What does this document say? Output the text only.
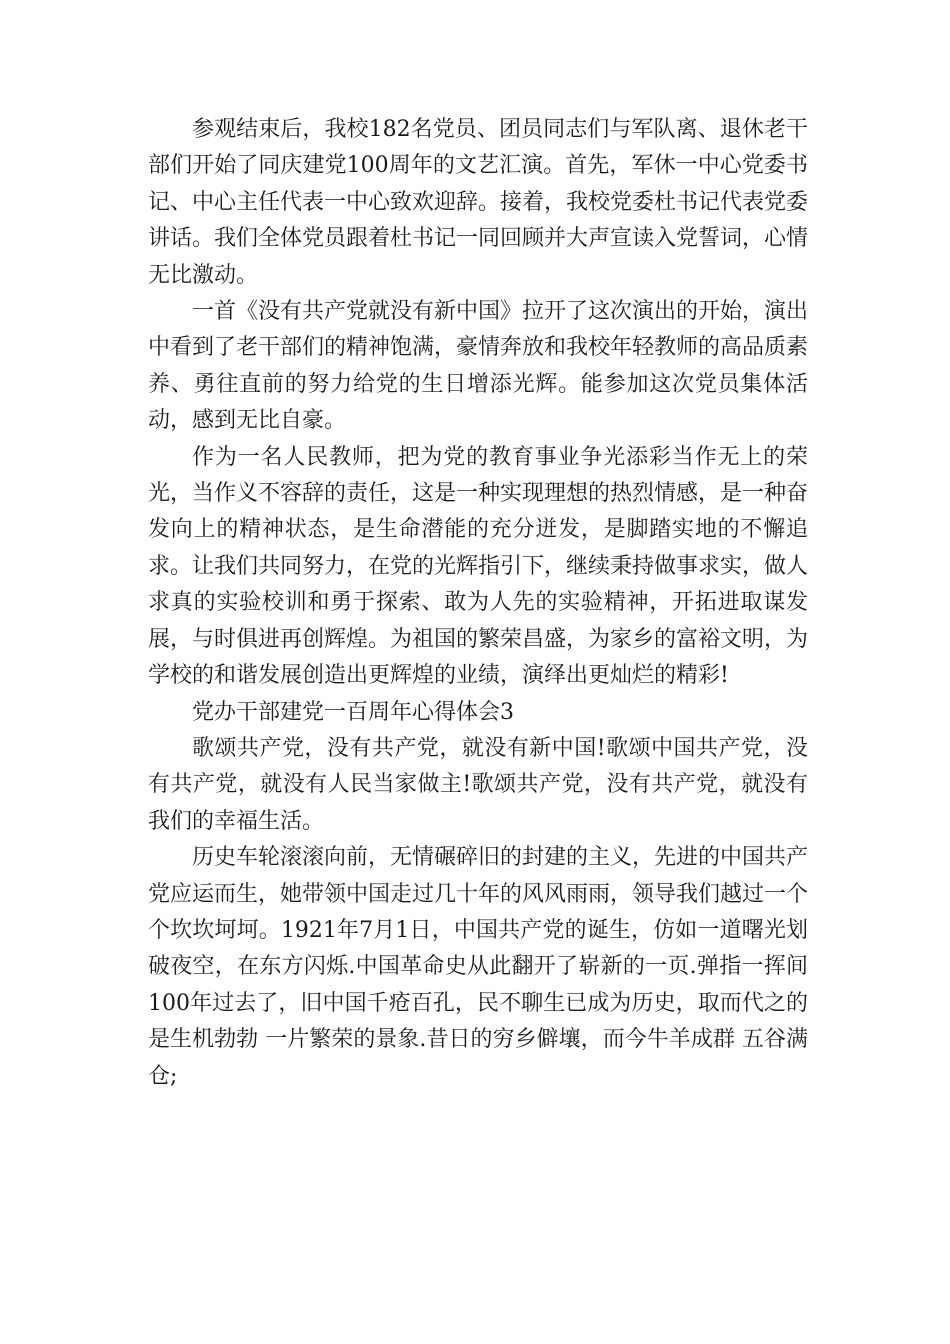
参观结束后，我校182名党员、团员同志们与军队离、退休老干部们开始了同庆建党100周年的文艺汇演。首先，军休一中心党委书记、中心主任代表一中心致欢迎辞。接着，我校党委杜书记代表党委讲话。我们全体党员跟着杜书记一同回顾并大声宣读入党誓词，心情无比激动。

一首《没有共产党就没有新中国》拉开了这次演出的开始，演出中看到了老干部们的精神饱满，豪情奔放和我校年轻教师的高品质素养、勇往直前的努力给党的生日增添光辉。能参加这次党员集体活动，感到无比自豪。

作为一名人民教师，把为党的教育事业争光添彩当作无上的荣光，当作义不容辞的责任，这是一种实现理想的热烈情感，是一种奋发向上的精神状态，是生命潜能的充分迸发，是脚踏实地的不懈追求。让我们共同努力，在党的光辉指引下，继续秉持做事求实，做人求真的实验校训和勇于探索、敢为人先的实验精神，开拓进取谋发展，与时俱进再创辉煌。为祖国的繁荣昌盛，为家乡的富裕文明，为学校的和谐发展创造出更辉煌的业绩，演绎出更灿烂的精彩!

党办干部建党一百周年心得体会3

歌颂共产党，没有共产党，就没有新中国!歌颂中国共产党，没有共产党，就没有人民当家做主!歌颂共产党，没有共产党，就没有我们的幸福生活。

历史车轮滚滚向前，无情碾碎旧的封建的主义，先进的中国共产党应运而生，她带领中国走过几十年的风风雨雨，领导我们越过一个个坎坎坷坷。1921年7月1日，中国共产党的诞生，仿如一道曙光划破夜空，在东方闪烁.中国革命史从此翻开了崭新的一页.弹指一挥间100年过去了，旧中国千疮百孔，民不聊生已成为历史，取而代之的是生机勃勃 一片繁荣的景象.昔日的穷乡僻壤，而今牛羊成群 五谷满仓;
